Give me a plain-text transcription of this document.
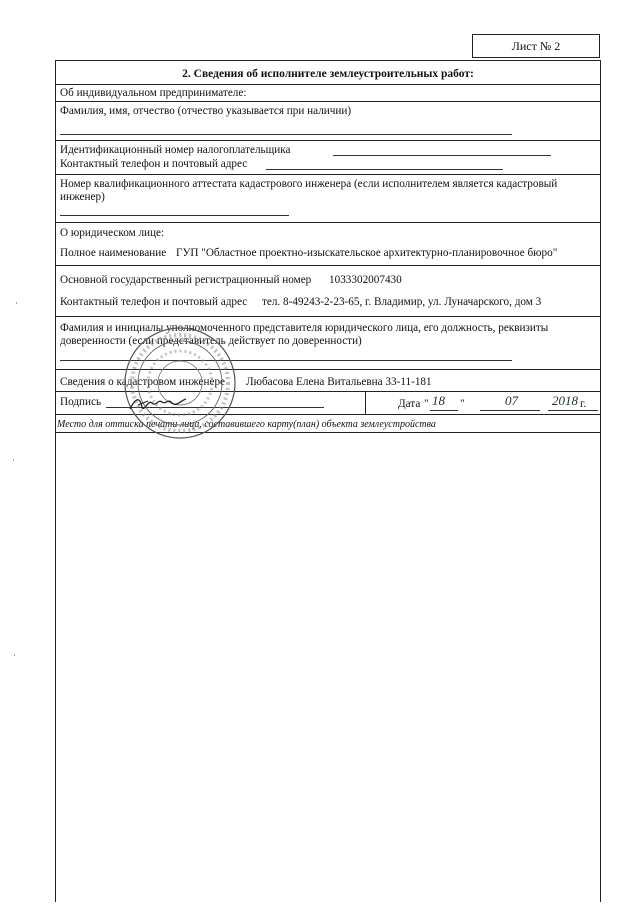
Лист № 2
2. Сведения об исполнителе землеустроительных работ:
Об индивидуальном предпринимателе:
Фамилия, имя, отчество (отчество указывается при наличии)
Идентификационный номер налогоплательщика
Контактный телефон и почтовый адрес
Номер квалификационного аттестата кадастрового инженера (если исполнителем является кадастровый инженер)
О юридическом лице:
Полное наименование ГУП "Областное проектно-изыскательское архитектурно-планировочное бюро"
Основной государственный регистрационный номер 1033302007430
Контактный телефон и почтовый адрес тел. 8-49243-2-23-65, г. Владимир, ул. Луначарского, дом 3
Фамилия и инициалы уполномоченного представителя юридического лица, его должность, реквизиты доверенности (если представитель действует по доверенности)
Сведения о кадастровом инженере Любасова Елена Витальевна 33-11-181
Подпись	Дата " 18 "	07	2018 г.
Место для оттиска печати лица, составившего карту(план) объекта землеустройства
·
·
·
